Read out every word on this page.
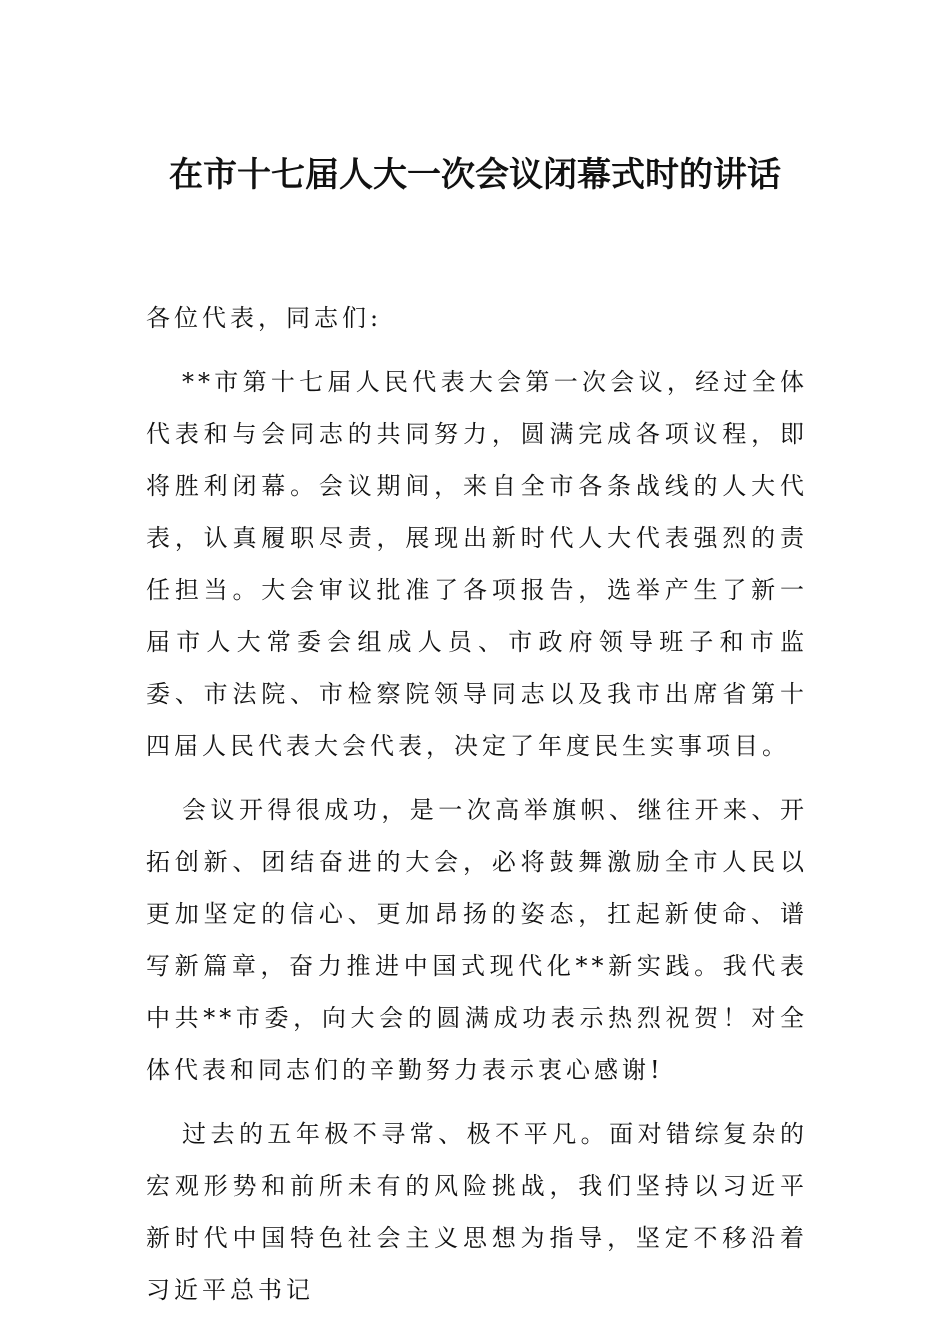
在市十七届人大一次会议闭幕式时的讲话

各位代表，同志们:

**市第十七届人民代表大会第一次会议，经过全体代表和与会同志的共同努力，圆满完成各项议程，即将胜利闭幕。会议期间，来自全市各条战线的人大代表，认真履职尽责，展现出新时代人大代表强烈的责任担当。大会审议批准了各项报告，选举产生了新一届市人大常委会组成人员、市政府领导班子和市监委、市法院、市检察院领导同志以及我市出席省第十四届人民代表大会代表，决定了年度民生实事项目。

会议开得很成功，是一次高举旗帜、继往开来、开拓创新、团结奋进的大会，必将鼓舞激励全市人民以更加坚定的信心、更加昂扬的姿态，扛起新使命、谱写新篇章，奋力推进中国式现代化**新实践。我代表中共**市委，向大会的圆满成功表示热烈祝贺！对全体代表和同志们的辛勤努力表示衷心感谢!

过去的五年极不寻常、极不平凡。面对错综复杂的宏观形势和前所未有的风险挑战，我们坚持以习近平新时代中国特色社会主义思想为指导，坚定不移沿着习近平总书记
